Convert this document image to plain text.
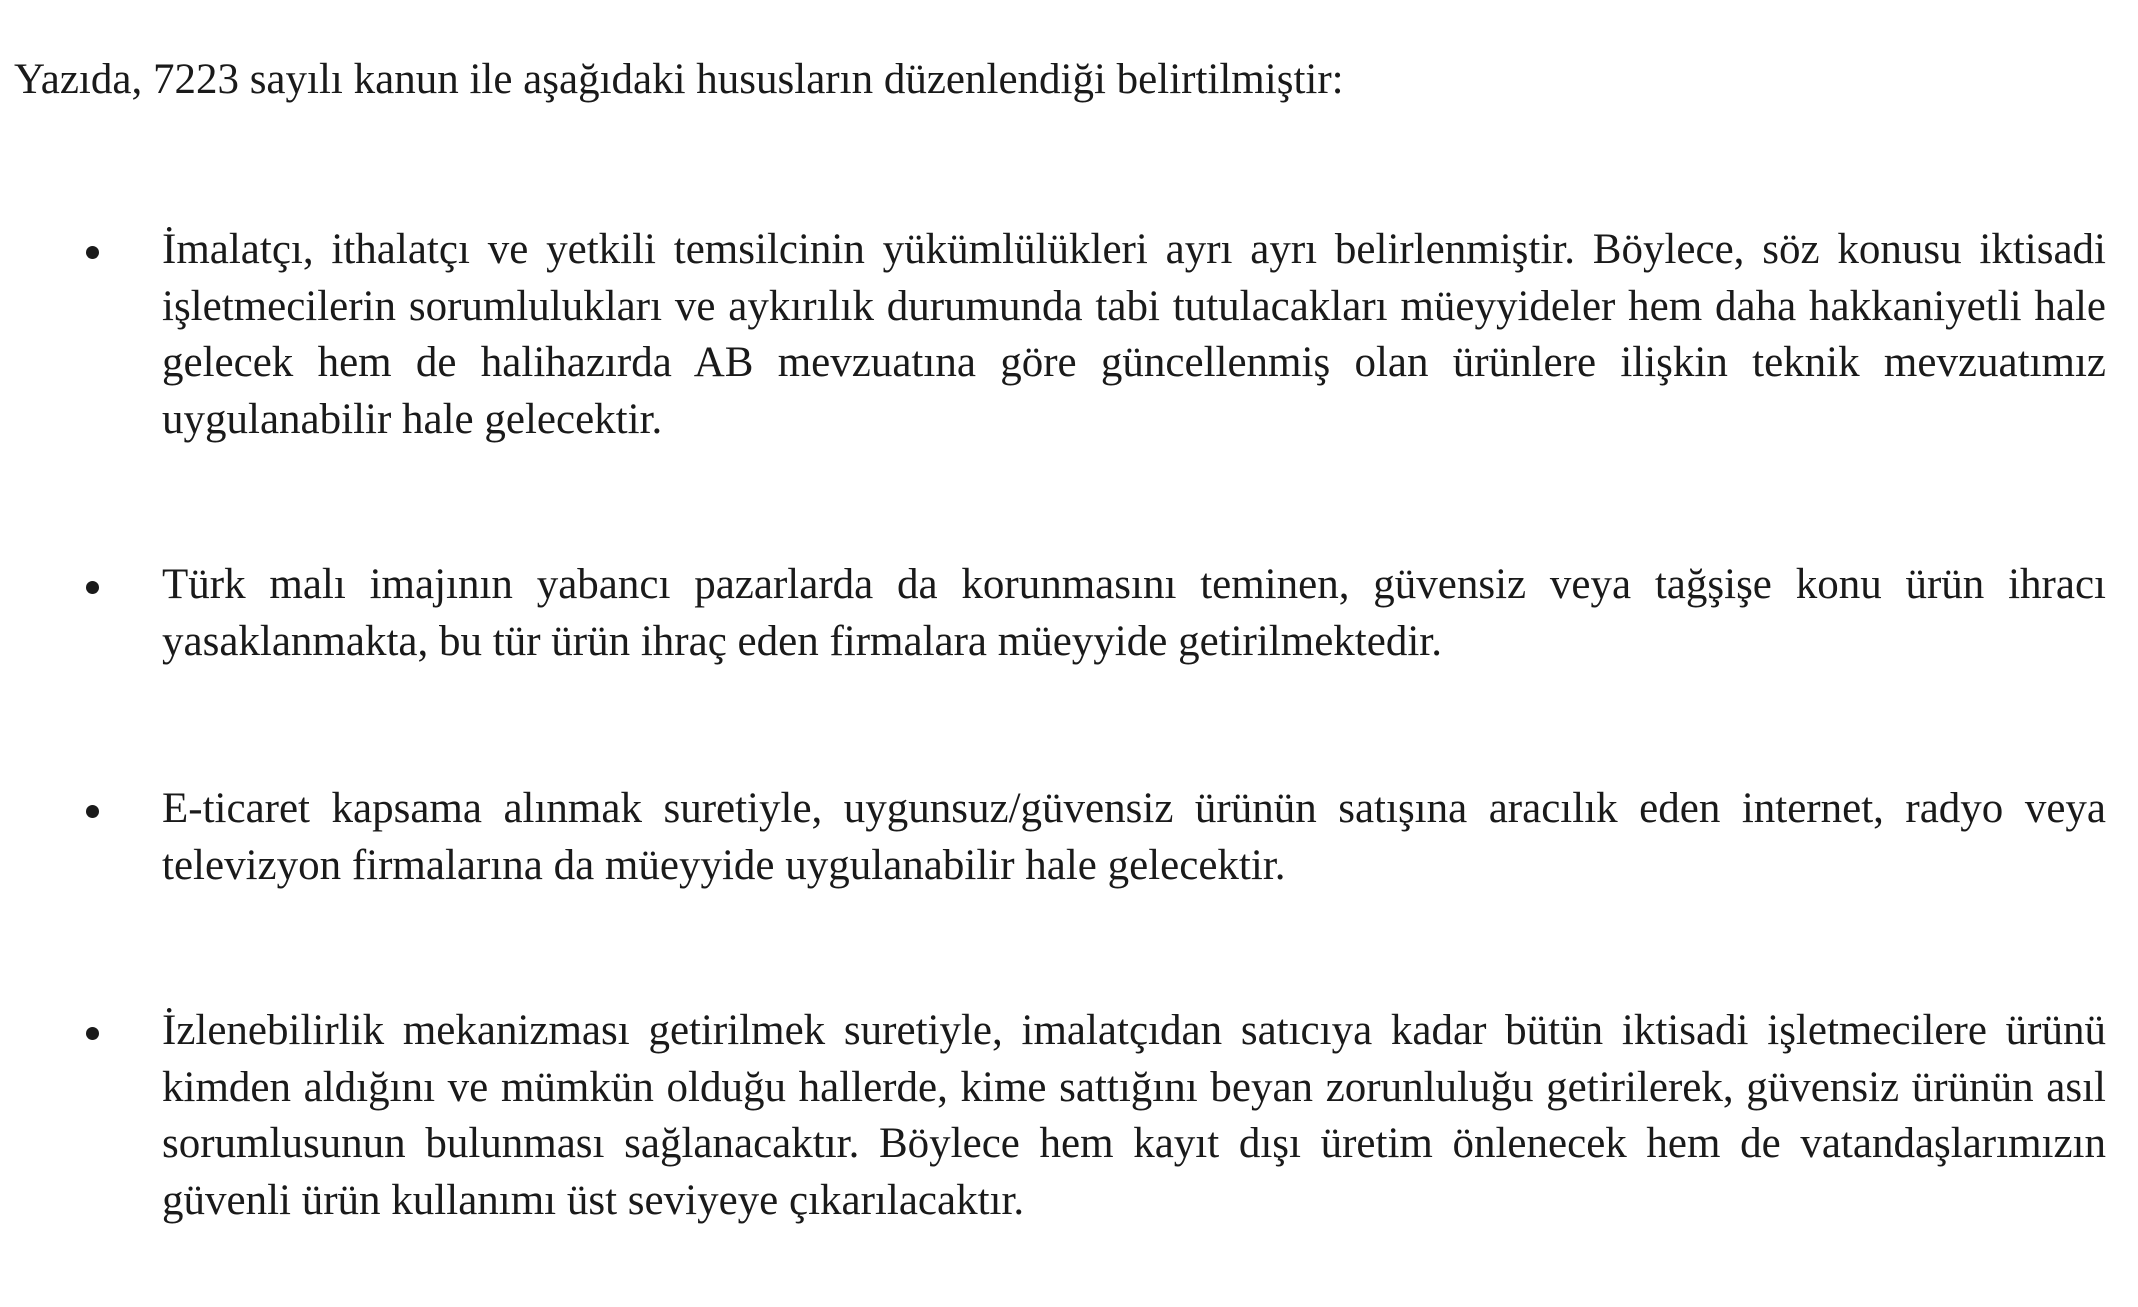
Yazıda, 7223 sayılı kanun ile aşağıdaki hususların düzenlendiği belirtilmiştir:

İmalatçı, ithalatçı ve yetkili temsilcinin yükümlülükleri ayrı ayrı belirlenmiştir. Böylece, söz konusu iktisadi işletmecilerin sorumlulukları ve aykırılık durumunda tabi tutulacakları müeyyideler hem daha hakkaniyetli hale gelecek hem de halihazırda AB mevzuatına göre güncellenmiş olan ürünlere ilişkin teknik mevzuatımız uygulanabilir hale gelecektir.

Türk malı imajının yabancı pazarlarda da korunmasını teminen, güvensiz veya tağşişe konu ürün ihracı yasaklanmakta, bu tür ürün ihraç eden firmalara müeyyide getirilmektedir.

E-ticaret kapsama alınmak suretiyle, uygunsuz/güvensiz ürünün satışına aracılık eden internet, radyo veya televizyon firmalarına da müeyyide uygulanabilir hale gelecektir.

İzlenebilirlik mekanizması getirilmek suretiyle, imalatçıdan satıcıya kadar bütün iktisadi işletmecilere ürünü kimden aldığını ve mümkün olduğu hallerde, kime sattığını beyan zorunluluğu getirilerek, güvensiz ürünün asıl sorumlusunun bulunması sağlanacaktır. Böylece hem kayıt dışı üretim önlenecek hem de vatandaşlarımızın güvenli ürün kullanımı üst seviyeye çıkarılacaktır.
